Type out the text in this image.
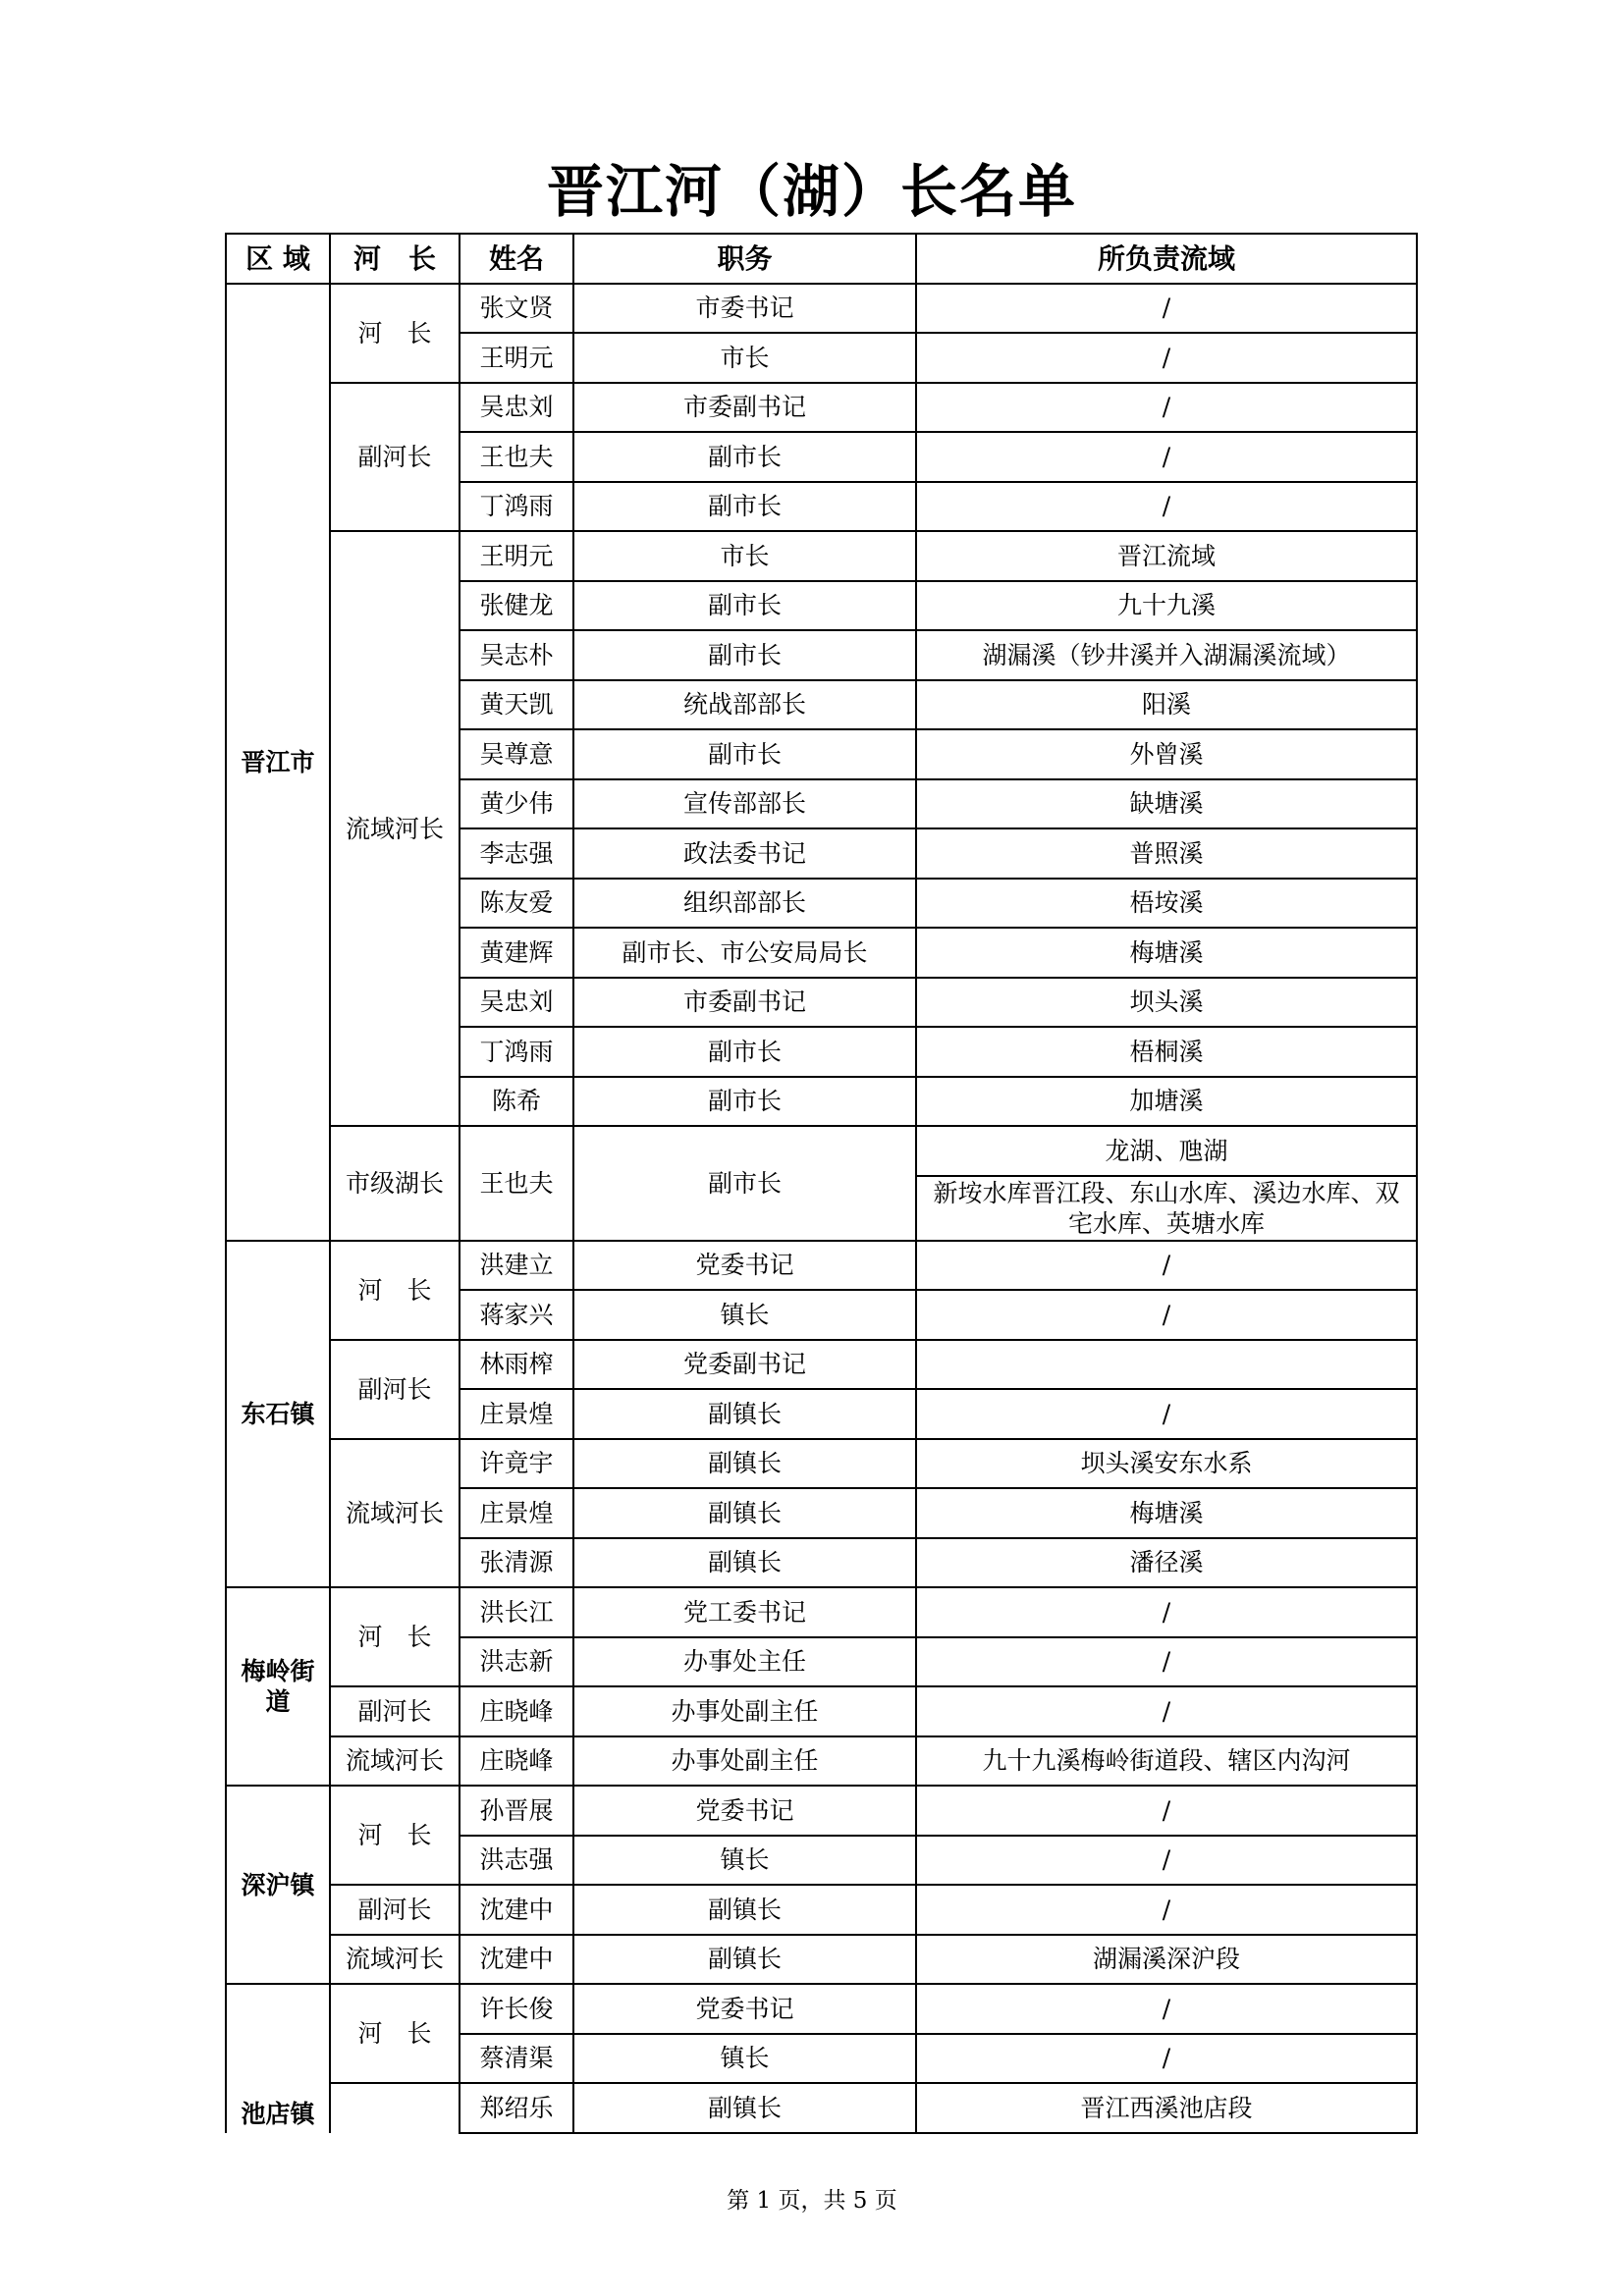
晋江河（湖）长名单
区 域	河　长	姓名	职务	所负责流域
晋江市	河　长	张文贤	市委书记	/
		王明元	市长	/
	副河长	吴忠刘	市委副书记	/
		王也夫	副市长	/
		丁鸿雨	副市长	/
	流域河长	王明元	市长	晋江流域
		张健龙	副市长	九十九溪
		吴志朴	副市长	湖漏溪（钞井溪并入湖漏溪流域）
		黄天凯	统战部部长	阳溪
		吴尊意	副市长	外曾溪
		黄少伟	宣传部部长	缺塘溪
		李志强	政法委书记	普照溪
		陈友爱	组织部部长	梧垵溪
		黄建辉	副市长、市公安局局长	梅塘溪
		吴忠刘	市委副书记	坝头溪
		丁鸿雨	副市长	梧桐溪
		陈希	副市长	加塘溪
	市级湖长	王也夫	副市长	龙湖、虺湖
				新垵水库晋江段、东山水库、溪边水库、双宅水库、英塘水库
东石镇	河　长	洪建立	党委书记	/
		蒋家兴	镇长	/
	副河长	林雨榨	党委副书记	
		庄景煌	副镇长	/
	流域河长	许竟宇	副镇长	坝头溪安东水系
		庄景煌	副镇长	梅塘溪
		张清源	副镇长	潘径溪
梅岭街道	河　长	洪长江	党工委书记	/
		洪志新	办事处主任	/
	副河长	庄晓峰	办事处副主任	/
	流域河长	庄晓峰	办事处副主任	九十九溪梅岭街道段、辖区内沟河
深沪镇	河　长	孙晋展	党委书记	/
		洪志强	镇长	/
	副河长	沈建中	副镇长	/
	流域河长	沈建中	副镇长	湖漏溪深沪段
池店镇	河　长	许长俊	党委书记	/
		蔡清渠	镇长	/
		郑绍乐	副镇长	晋江西溪池店段
第 1 页，共 5 页
